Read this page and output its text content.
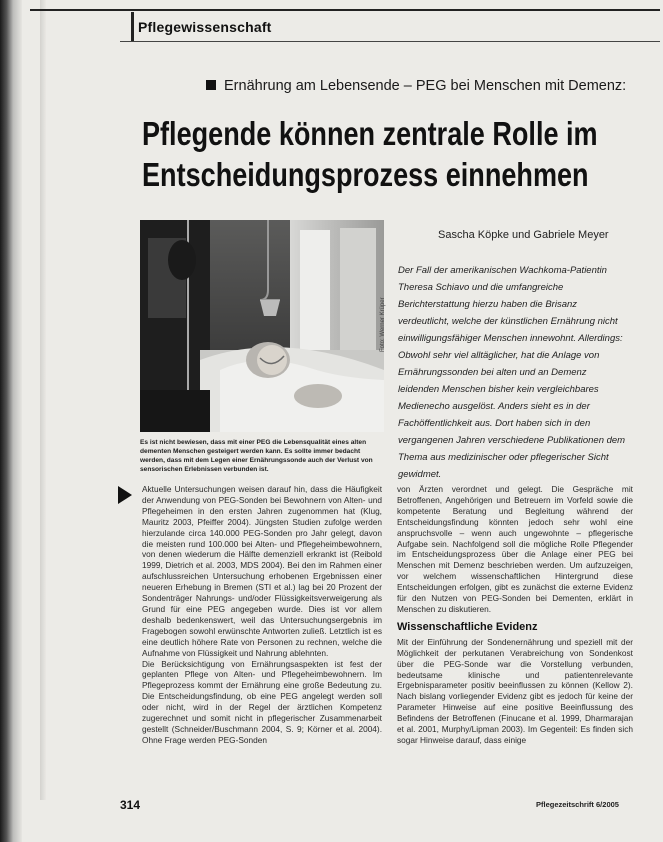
Pflegewissenschaft
Ernährung am Lebensende – PEG bei Menschen mit Demenz:
Pflegende können zentrale Rolle im
Entscheidungsprozess einnehmen
Foto: Werner Krüper
Es ist nicht bewiesen, dass mit einer PEG die Lebensqualität eines alten dementen Menschen gesteigert werden kann. Es sollte immer bedacht werden, dass mit dem Legen einer Ernährungssonde auch der Verlust von sensorischen Erlebnissen verbunden ist.
Sascha Köpke und Gabriele Meyer
Der Fall der amerikanischen Wachkoma-Patientin Theresa Schiavo und die umfangreiche Berichterstattung hierzu haben die Brisanz verdeutlicht, welche der künstlichen Ernährung nicht einwilligungsfähiger Menschen innewohnt. Allerdings: Obwohl sehr viel alltäglicher, hat die Anlage von Ernährungssonden bei alten und an Demenz leidenden Menschen bisher kein vergleichbares Medienecho ausgelöst. Anders sieht es in der Fachöffentlichkeit aus. Dort haben sich in den vergangenen Jahren verschiedene Publikationen dem Thema aus medizinischer oder pflegerischer Sicht gewidmet.

Aktuelle Untersuchungen weisen darauf hin, dass die Häufigkeit der Anwendung von PEG-Sonden bei Bewohnern von Alten- und Pflegeheimen in den ersten Jahren zugenommen hat (Klug, Mauritz 2003, Pfeiffer 2004). Jüngsten Studien zufolge werden hierzulande circa 140.000 PEG-Sonden pro Jahr gelegt, davon die meisten rund 100.000 bei Alten- und Pflegeheimbewohnern, von denen wiederum die Hälfte demenziell erkrankt ist (Reibold 1999, Dietrich et al. 2003, MDS 2004). Bei den im Rahmen einer aufschlussreichen Untersuchung erhobenen Ergebnissen einer neueren Erhebung in Bremen (STI et al.) lag bei 20 Prozent der Sondenträger Nahrungs- und/oder Flüssigkeitsverweigerung als Grund für eine PEG angegeben wurde. Dies ist vor allem deshalb bedenkenswert, weil das Untersuchungsergebnis im Fragebogen sowohl erwünschte Antworten zuließ. Letztlich ist es eine deutlich höhere Rate von Personen zu rechnen, welche die Aufnahme von Flüssigkeit und Nahrung ablehnten.

Die Berücksichtigung von Ernährungsaspekten ist fest der geplanten Pflege von Alten- und Pflegeheimbewohnern. Im Pflegeprozess kommt der Ernährung eine große Bedeutung zu. Die Entscheidungsfindung, ob eine PEG angelegt werden soll oder nicht, wird in der Regel der ärztlichen Kompetenz zugerechnet und somit nicht in pflegerischer Zusammenarbeit gestellt (Schneider/Buschmann 2004, S. 9; Körner et al. 2004). Ohne Frage werden PEG-Sonden

von Ärzten verordnet und gelegt. Die Gespräche mit Betroffenen, Angehörigen und Betreuern im Vorfeld sowie die kompetente Beratung und Begleitung während der Entscheidungsfindung könnten jedoch sehr wohl eine anspruchsvolle – wenn auch ungewohnte – pflegerische Aufgabe sein. Nachfolgend soll die mögliche Rolle Pflegender im Entscheidungsprozess über die Anlage einer PEG bei Menschen mit Demenz beschrieben werden. Um aufzuzeigen, vor welchem wissenschaftlichen Hintergrund diese Entscheidungen erfolgen, gibt es zunächst die externe Evidenz für den Nutzen von PEG-Sonden bei Dementen, erklärt in Menschen zu diskutieren.

Wissenschaftliche Evidenz

Mit der Einführung der Sondenernährung und speziell mit der Möglichkeit der perkutanen Verabreichung von Sondenkost über die PEG-Sonde war die Vorstellung verbunden, bedeutsame klinische und patientenrelevante Ergebnisparameter positiv beeinflussen zu können (Kellow 2). Nach bislang vorliegender Evidenz gibt es jedoch für keine der Parameter Hinweise auf eine positive Beeinflussung des Befindens der Betroffenen (Finucane et al. 1999, Dharmarajan et al. 2001, Murphy/Lipman 2003). Im Gegenteil: Es finden sich sogar Hinweise darauf, dass einige

314	Pflegezeitschrift 6/2005
